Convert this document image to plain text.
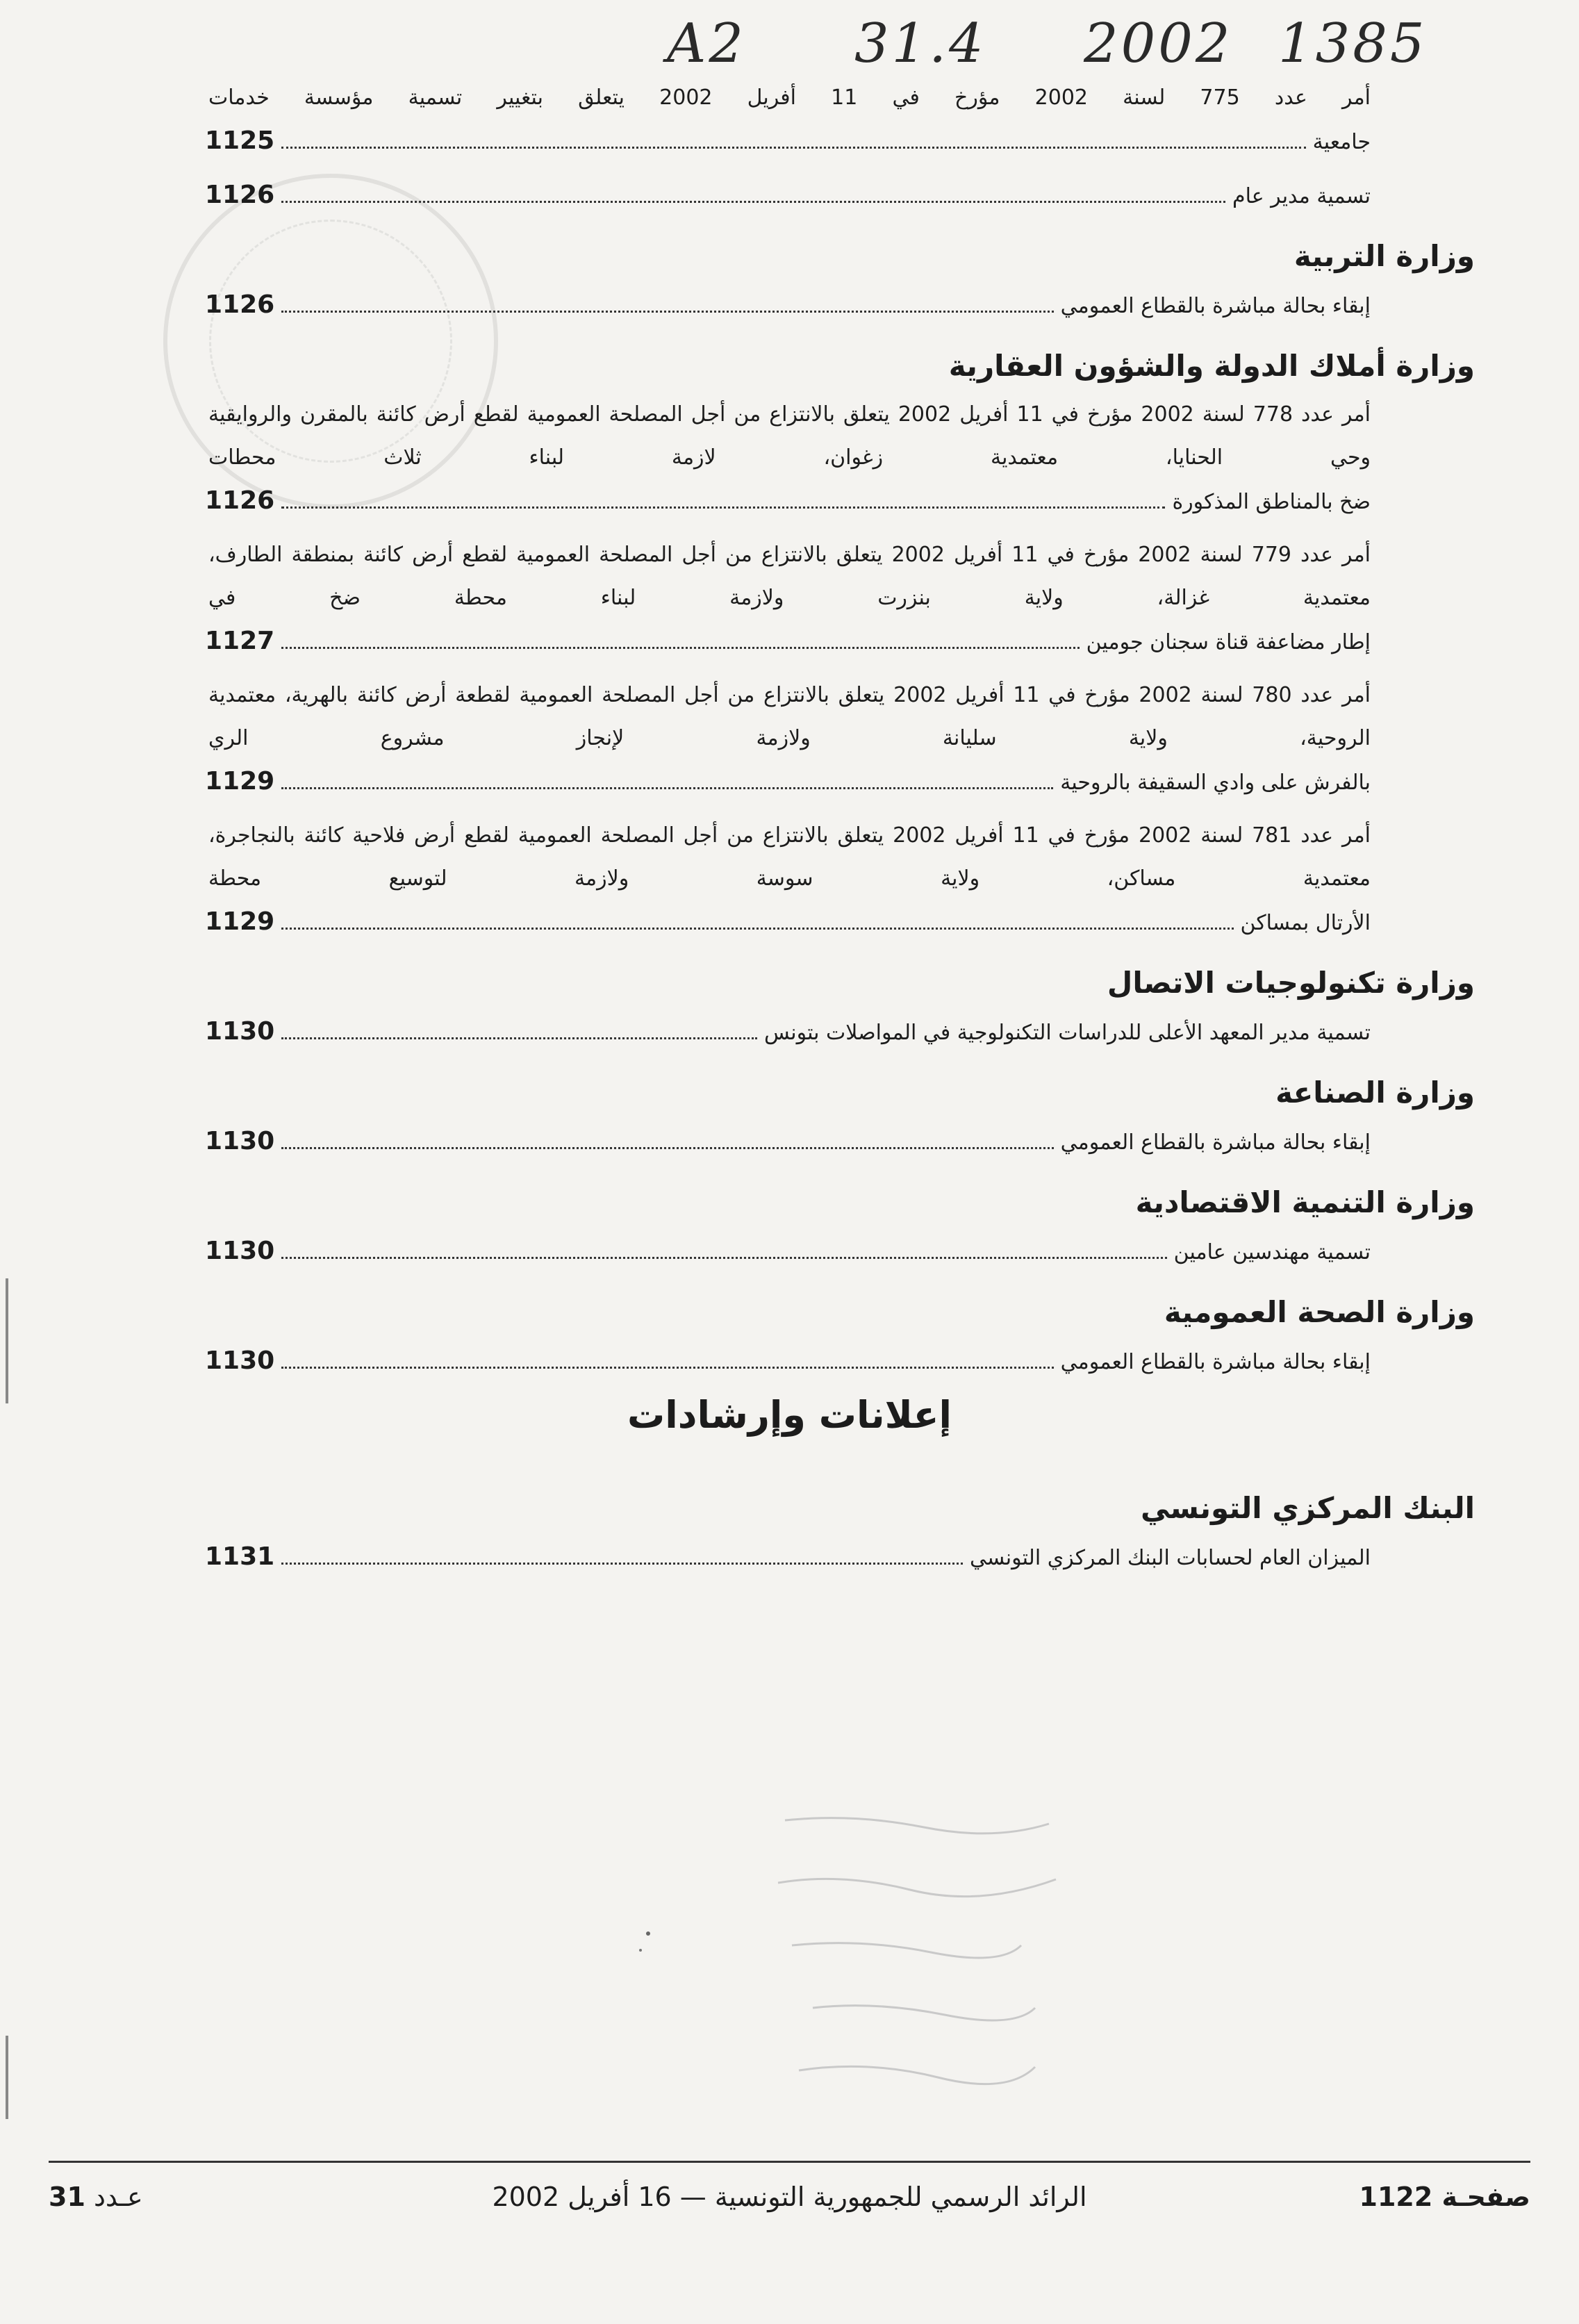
A2 31.4 2002 1385
أمر عدد 775 لسنة 2002 مؤرخ في 11 أفريل 2002 يتعلق بتغيير تسمية مؤسسة خدمات
جامعية
1125
تسمية مدير عام
1126
وزارة التربية
إبقاء بحالة مباشرة بالقطاع العمومي
1126
وزارة أملاك الدولة والشؤون العقارية
أمر عدد 778 لسنة 2002 مؤرخ في 11 أفريل 2002 يتعلق بالانتزاع من أجل المصلحة العمومية لقطع أرض كائنة بالمقرن والروايقية وحي الحنايا، معتمدية زغوان، لازمة لبناء ثلاث محطات
ضخ بالمناطق المذكورة
1126
أمر عدد 779 لسنة 2002 مؤرخ في 11 أفريل 2002 يتعلق بالانتزاع من أجل المصلحة العمومية لقطع أرض كائنة بمنطقة الطارف، معتمدية غزالة، ولاية بنزرت ولازمة لبناء محطة ضخ في
إطار مضاعفة قناة سجنان جومين
1127
أمر عدد 780 لسنة 2002 مؤرخ في 11 أفريل 2002 يتعلق بالانتزاع من أجل المصلحة العمومية لقطعة أرض كائنة بالهرية، معتمدية الروحية، ولاية سليانة ولازمة لإنجاز مشروع الري
بالفرش على وادي السقيفة بالروحية
1129
أمر عدد 781 لسنة 2002 مؤرخ في 11 أفريل 2002 يتعلق بالانتزاع من أجل المصلحة العمومية لقطع أرض فلاحية كائنة بالنجاجرة، معتمدية مساكن، ولاية سوسة ولازمة لتوسيع محطة
الأرتال بمساكن
1129
وزارة تكنولوجيات الاتصال
تسمية مدير المعهد الأعلى للدراسات التكنولوجية في المواصلات بتونس
1130
وزارة الصناعة
إبقاء بحالة مباشرة بالقطاع العمومي
1130
وزارة التنمية الاقتصادية
تسمية مهندسين عامين
1130
وزارة الصحة العمومية
إبقاء بحالة مباشرة بالقطاع العمومي
1130
إعلانات وإرشادات
البنك المركزي التونسي
الميزان العام لحسابات البنك المركزي التونسي
1131
صفحـة 1122
الرائد الرسمي للجمهورية التونسية — 16 أفريل 2002
عـدد 31
